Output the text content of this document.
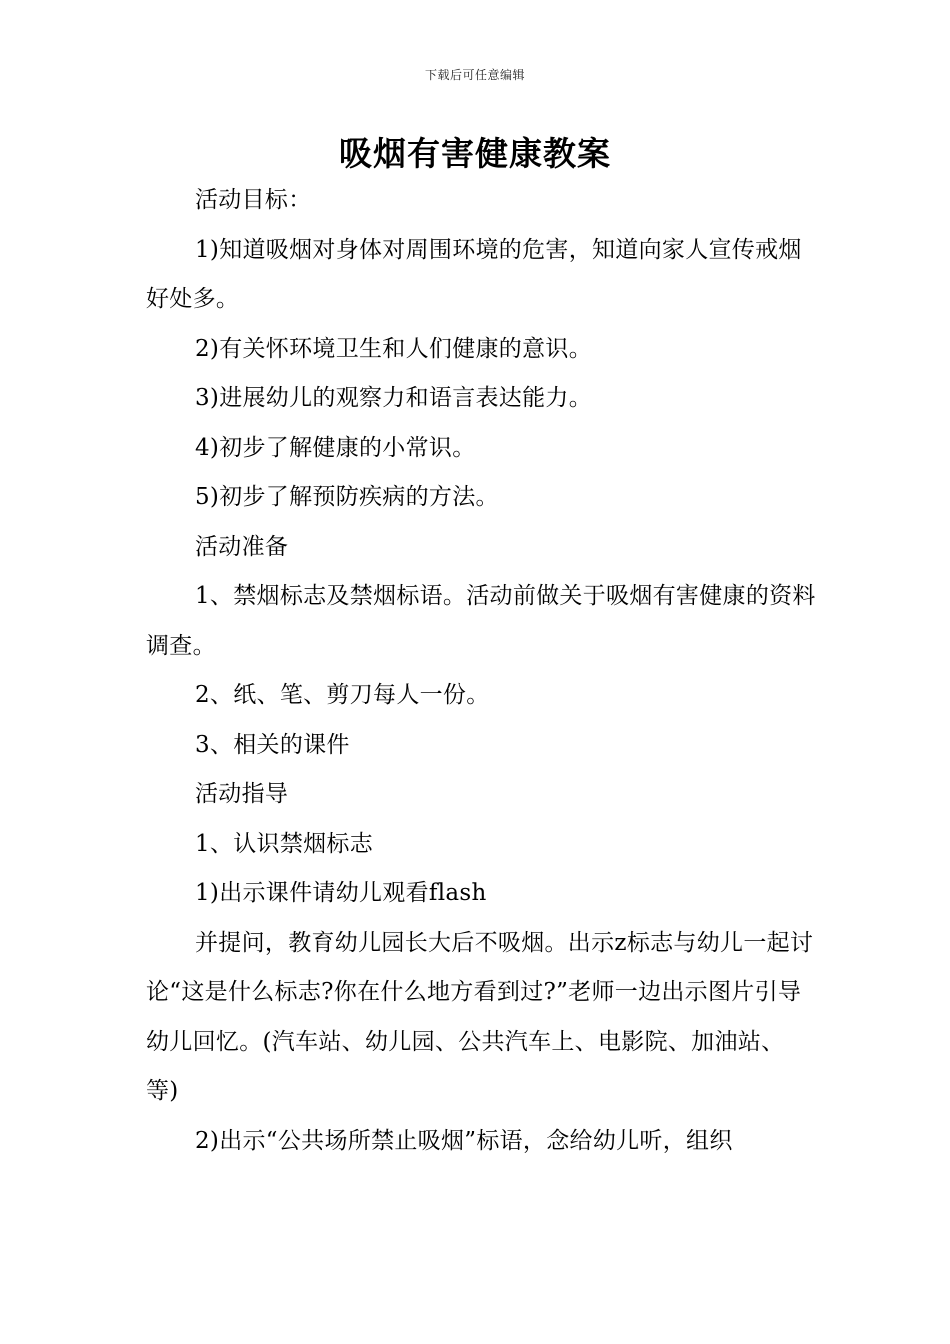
下载后可任意编辑
吸烟有害健康教案

活动目标：

1)知道吸烟对身体对周围环境的危害，知道向家人宣传戒烟好处多。

2)有关怀环境卫生和人们健康的意识。

3)进展幼儿的观察力和语言表达能力。

4)初步了解健康的小常识。

5)初步了解预防疾病的方法。

活动准备

1、禁烟标志及禁烟标语。活动前做关于吸烟有害健康的资料调查。

2、纸、笔、剪刀每人一份。

3、相关的课件

活动指导

1、认识禁烟标志

1)出示课件请幼儿观看flash

并提问，教育幼儿园长大后不吸烟。出示z标志与幼儿一起讨论“这是什么标志?你在什么地方看到过?”老师一边出示图片引导幼儿回忆。(汽车站、幼儿园、公共汽车上、电影院、加油站、等)

2)出示“公共场所禁止吸烟”标语，念给幼儿听，组织
